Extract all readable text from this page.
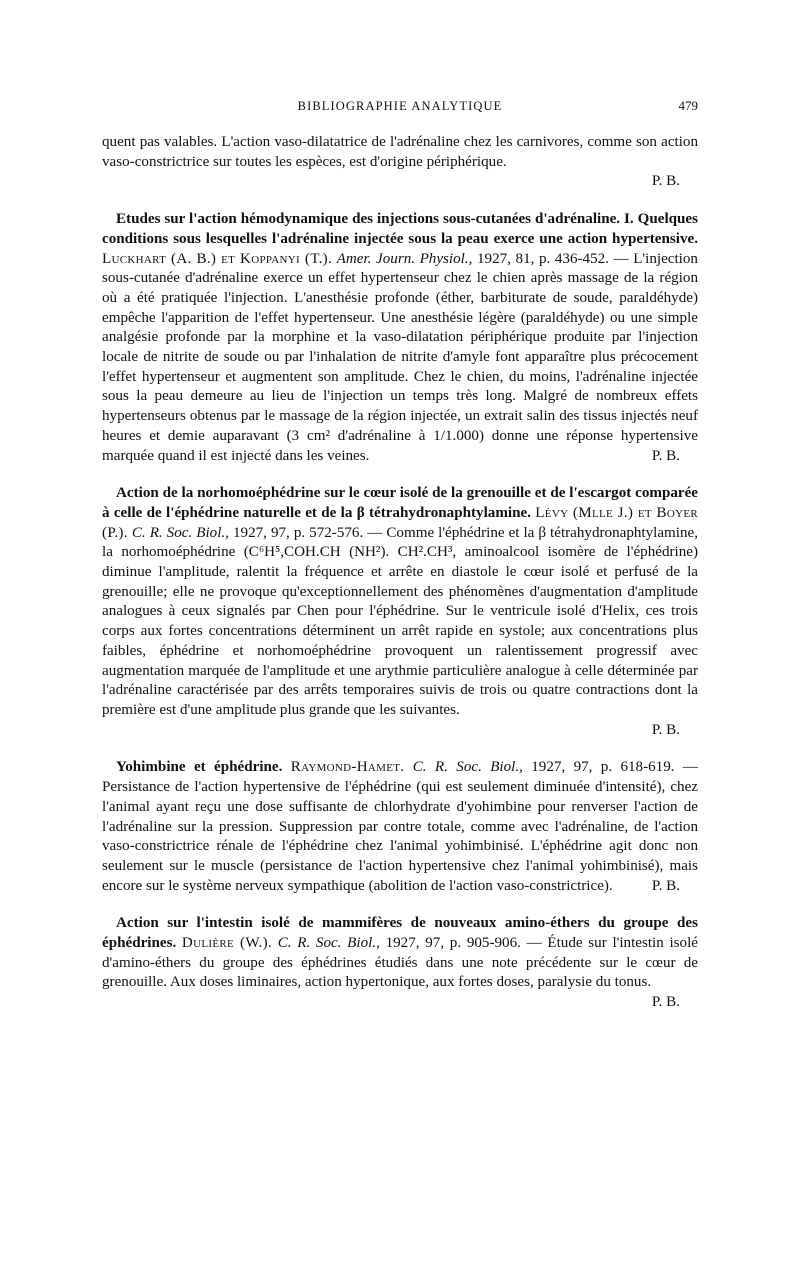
BIBLIOGRAPHIE ANALYTIQUE	479

quent pas valables. L'action vaso-dilatatrice de l'adrénaline chez les carnivores, comme son action vaso-constrictrice sur toutes les espèces, est d'origine périphérique.

P. B.

Etudes sur l'action hémodynamique des injections sous-cutanées d'adrénaline. I. Quelques conditions sous lesquelles l'adrénaline injectée sous la peau exerce une action hypertensive. Luckhart (A. B.) et Koppanyi (T.). Amer. Journ. Physiol., 1927, 81, p. 436-452. — L'injection sous-cutanée d'adrénaline exerce un effet hypertenseur chez le chien après massage de la région où a été pratiquée l'injection. L'anesthésie profonde (éther, barbiturate de soude, paraldéhyde) empêche l'apparition de l'effet hypertenseur. Une anesthésie légère (paraldéhyde) ou une simple analgésie profonde par la morphine et la vaso-dilatation périphérique produite par l'injection locale de nitrite de soude ou par l'inhalation de nitrite d'amyle font apparaître plus précocement l'effet hypertenseur et augmentent son amplitude. Chez le chien, du moins, l'adrénaline injectée sous la peau demeure au lieu de l'injection un temps très long. Malgré de nombreux effets hypertenseurs obtenus par le massage de la région injectée, un extrait salin des tissus injectés neuf heures et demie auparavant (3 cm² d'adrénaline à 1/1.000) donne une réponse hypertensive marquée quand il est injecté dans les veines.	P. B.

Action de la norhomoéphédrine sur le cœur isolé de la grenouille et de l'escargot comparée à celle de l'éphédrine naturelle et de la β tétrahydronaphtylamine. Lévy (Mlle J.) et Boyer (P.). C. R. Soc. Biol., 1927, 97, p. 572-576. — Comme l'éphédrine et la β tétrahydronaphtylamine, la norhomoéphédrine (C⁶H⁵,COH.CH (NH²). CH².CH³, aminoalcool isomère de l'éphédrine) diminue l'amplitude, ralentit la fréquence et arrête en diastole le cœur isolé et perfusé de la grenouille; elle ne provoque qu'exceptionnellement des phénomènes d'augmentation d'amplitude analogues à ceux signalés par Chen pour l'éphédrine. Sur le ventricule isolé d'Helix, ces trois corps aux fortes concentrations déterminent un arrêt rapide en systole; aux concentrations plus faibles, éphédrine et norhomoéphédrine provoquent un ralentissement progressif avec augmentation marquée de l'amplitude et une arythmie particulière analogue à celle déterminée par l'adrénaline caractérisée par des arrêts temporaires suivis de trois ou quatre contractions dont la première est d'une amplitude plus grande que les suivantes.

P. B.

Yohimbine et éphédrine. Raymond-Hamet. C. R. Soc. Biol., 1927, 97, p. 618-619. — Persistance de l'action hypertensive de l'éphédrine (qui est seulement diminuée d'intensité), chez l'animal ayant reçu une dose suffisante de chlorhydrate d'yohimbine pour renverser l'action de l'adrénaline sur la pression. Suppression par contre totale, comme avec l'adrénaline, de l'action vaso-constrictrice rénale de l'éphédrine chez l'animal yohimbinisé. L'éphédrine agit donc non seulement sur le muscle (persistance de l'action hypertensive chez l'animal yohimbinisé), mais encore sur le système nerveux sympathique (abolition de l'action vaso-constrictrice).	P. B.

Action sur l'intestin isolé de mammifères de nouveaux amino-éthers du groupe des éphédrines. Dulière (W.). C. R. Soc. Biol., 1927, 97, p. 905-906. — Étude sur l'intestin isolé d'amino-éthers du groupe des éphédrines étudiés dans une note précédente sur le cœur de grenouille. Aux doses liminaires, action hypertonique, aux fortes doses, paralysie du tonus.
P. B.
